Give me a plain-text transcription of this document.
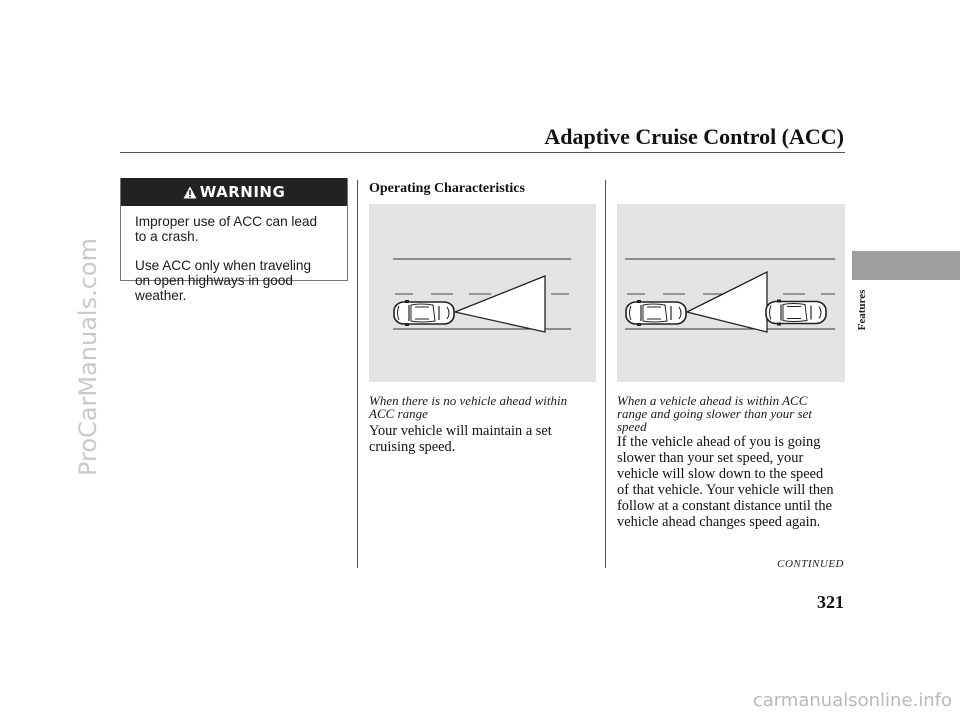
ProCarManuals.com
carmanualsonline.info
Adaptive Cruise Control (ACC)
Features
WARNING
Improper use of ACC can lead
to a crash.
Use ACC only when traveling
on open highways in good
weather.
Operating Characteristics
When there is no vehicle ahead within
ACC range
Your vehicle will maintain a set
cruising speed.
When a vehicle ahead is within ACC
range and going slower than your set
speed
If the vehicle ahead of you is going
slower than your set speed, your
vehicle will slow down to the speed
of that vehicle. Your vehicle will then
follow at a constant distance until the
vehicle ahead changes speed again.
CONTINUED
321
